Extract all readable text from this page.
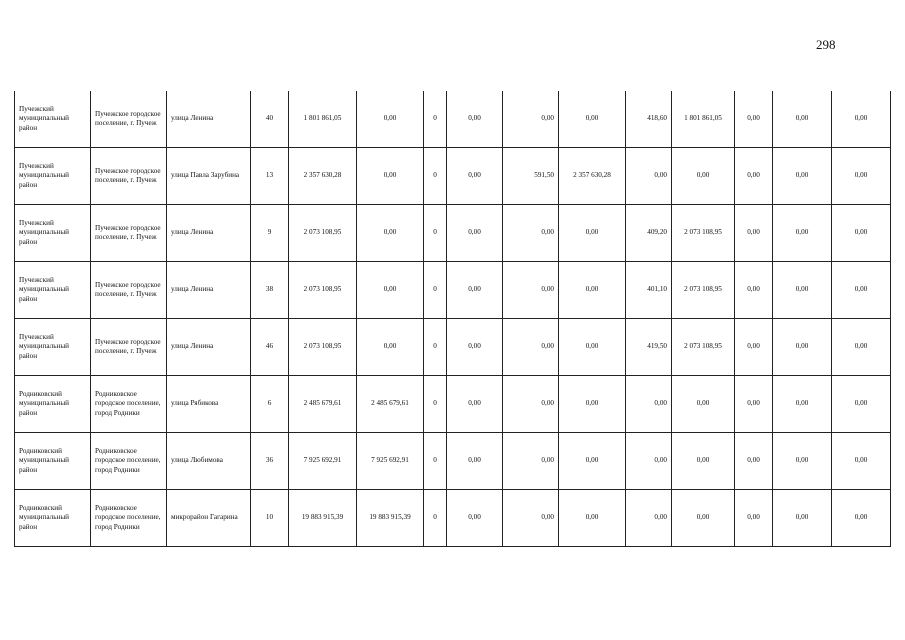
298
Пучежский муниципальный район	Пучежское городское поселение, г. Пучеж	улица Ленина	40	1 801 861,05	0,00	0	0,00	0,00	0,00	418,60	1 801 861,05	0,00	0,00	0,00
Пучежский муниципальный район	Пучежское городское поселение, г. Пучеж	улица Павла Зарубина	13	2 357 630,28	0,00	0	0,00	591,50	2 357 630,28	0,00	0,00	0,00	0,00	0,00
Пучежский муниципальный район	Пучежское городское поселение, г. Пучеж	улица Ленина	9	2 073 108,95	0,00	0	0,00	0,00	0,00	409,20	2 073 108,95	0,00	0,00	0,00
Пучежский муниципальный район	Пучежское городское поселение, г. Пучеж	улица Ленина	38	2 073 108,95	0,00	0	0,00	0,00	0,00	401,10	2 073 108,95	0,00	0,00	0,00
Пучежский муниципальный район	Пучежское городское поселение, г. Пучеж	улица Ленина	46	2 073 108,95	0,00	0	0,00	0,00	0,00	419,50	2 073 108,95	0,00	0,00	0,00
Родниковский муниципальный район	Родниковское городское поселение, город Родники	улица Рябикова	6	2 485 679,61	2 485 679,61	0	0,00	0,00	0,00	0,00	0,00	0,00	0,00	0,00
Родниковский муниципальный район	Родниковское городское поселение, город Родники	улица Любимова	36	7 925 692,91	7 925 692,91	0	0,00	0,00	0,00	0,00	0,00	0,00	0,00	0,00
Родниковский муниципальный район	Родниковское городское поселение, город Родники	микрорайон Гагарина	10	19 883 915,39	19 883 915,39	0	0,00	0,00	0,00	0,00	0,00	0,00	0,00	0,00
